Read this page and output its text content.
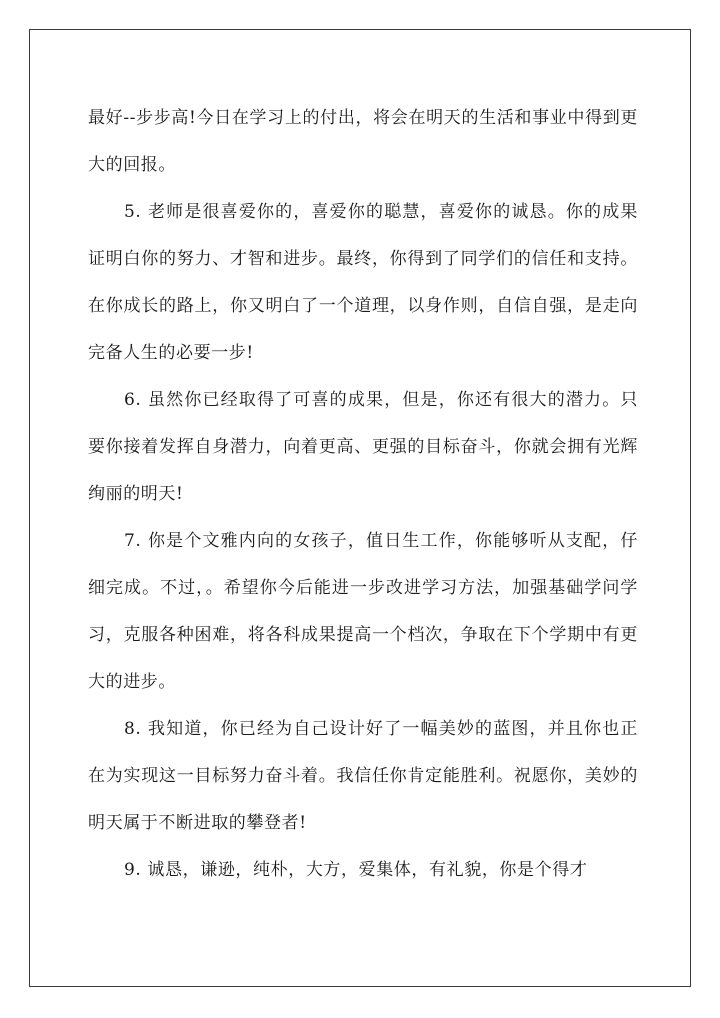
最好--步步高!今日在学习上的付出，将会在明天的生活和事业中得到更大的回报。

5. 老师是很喜爱你的，喜爱你的聪慧，喜爱你的诚恳。你的成果证明白你的努力、才智和进步。最终，你得到了同学们的信任和支持。在你成长的路上，你又明白了一个道理，以身作则，自信自强，是走向完备人生的必要一步!

6. 虽然你已经取得了可喜的成果，但是，你还有很大的潜力。只要你接着发挥自身潜力，向着更高、更强的目标奋斗，你就会拥有光辉绚丽的明天!

7. 你是个文雅内向的女孩子，值日生工作，你能够听从支配，仔细完成。不过，。希望你今后能进一步改进学习方法，加强基础学问学习，克服各种困难，将各科成果提高一个档次，争取在下个学期中有更大的进步。

8. 我知道，你已经为自己设计好了一幅美妙的蓝图，并且你也正在为实现这一目标努力奋斗着。我信任你肯定能胜利。祝愿你，美妙的明天属于不断进取的攀登者!

9. 诚恳，谦逊，纯朴，大方，爱集体，有礼貌，你是个得才
